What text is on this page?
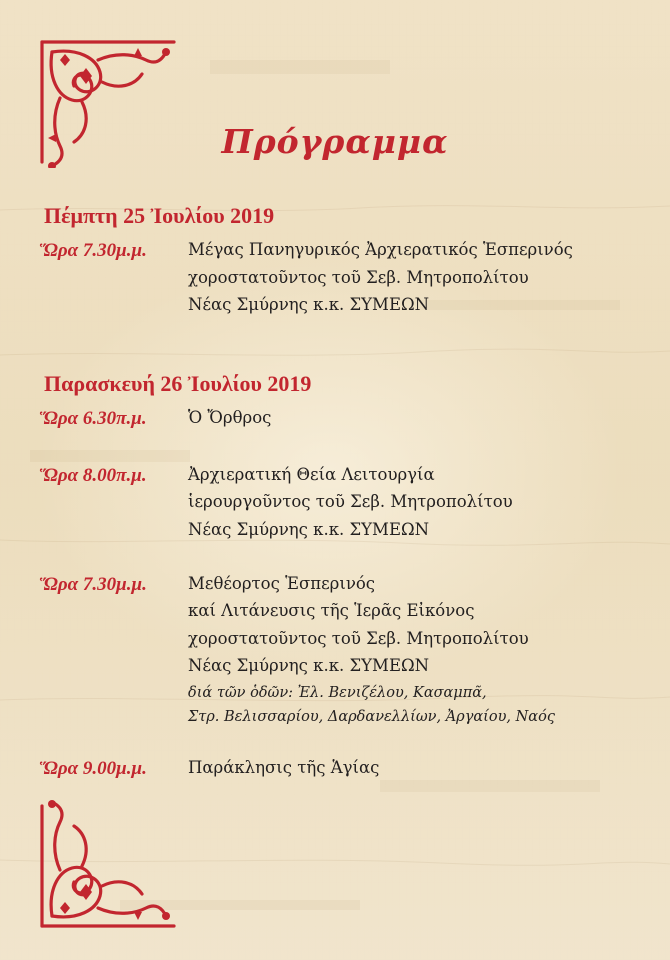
Πρόγραμμα
Πέμπτη 25 Ἰουλίου 2019
Ὥρα 7.30μ.μ. Μέγας Πανηγυρικός Ἀρχιερατικός Ἑσπερινός
χοροστατοῦντος τοῦ Σεβ. Μητροπολίτου
Νέας Σμύρνης κ.κ. ΣΥΜΕΩΝ
Παρασκευή 26 Ἰουλίου 2019
Ὥρα 6.30π.μ.	Ὁ Ὄρθρος
Ὥρα 8.00π.μ.	Ἀρχιερατική Θεία Λειτουργία
ἱερουργοῦντος τοῦ Σεβ. Μητροπολίτου
Νέας Σμύρνης κ.κ. ΣΥΜΕΩΝ
Ὥρα 7.30μ.μ. Μεθέορτος Ἑσπερινός
καί Λιτάνευσις τῆς Ἱερᾶς Εἰκόνος
χοροστατοῦντος τοῦ Σεβ. Μητροπολίτου
Νέας Σμύρνης κ.κ. ΣΥΜΕΩΝ
διά τῶν ὁδῶν: Ἐλ. Βενιζέλου, Κασαμπᾶ,
Στρ. Βελισσαρίου, Δαρδανελλίων, Ἀργαίου, Ναός
Ὥρα 9.00μ.μ. Παράκλησις τῆς Ἁγίας
